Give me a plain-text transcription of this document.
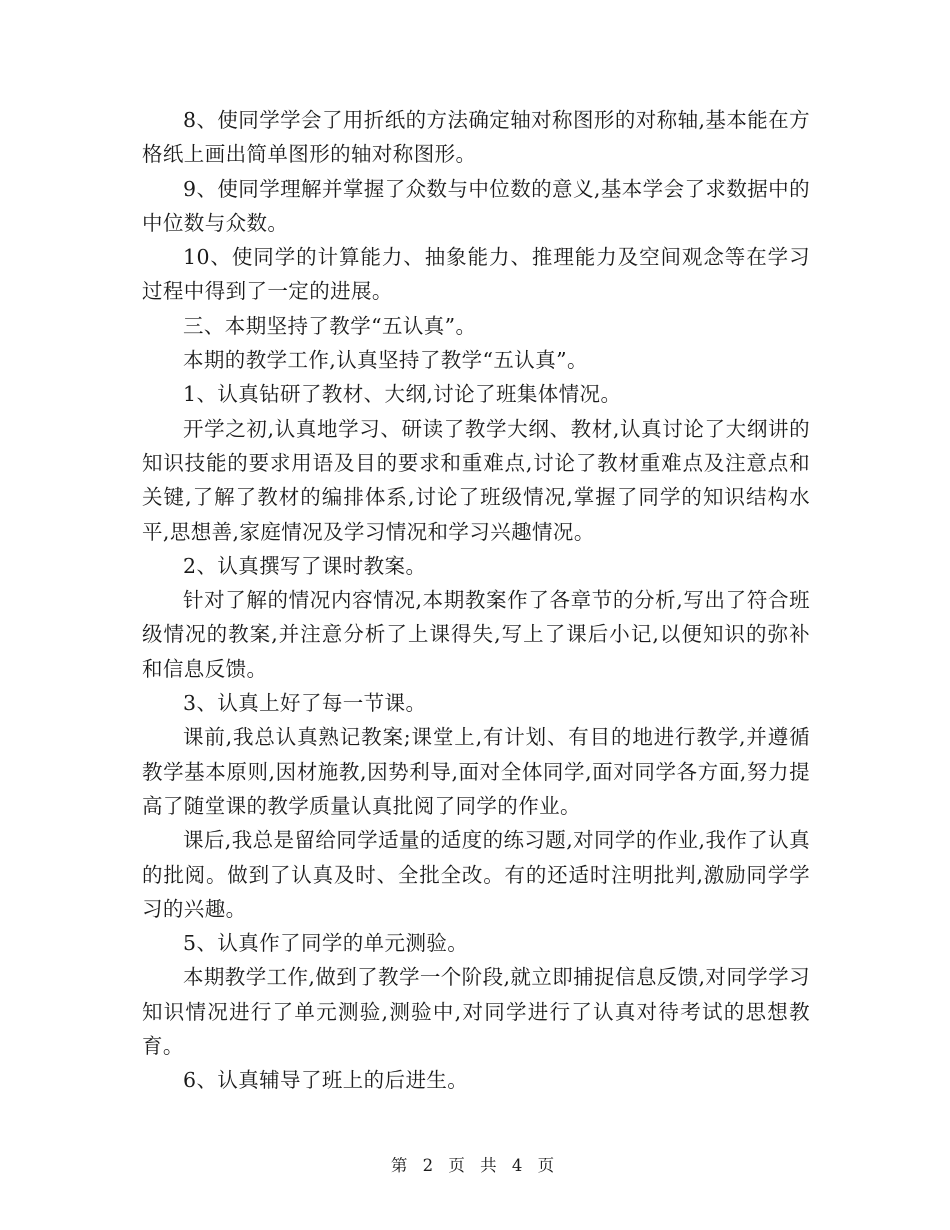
8、使同学学会了用折纸的方法确定轴对称图形的对称轴,基本能在方格纸上画出简单图形的轴对称图形。

9、使同学理解并掌握了众数与中位数的意义,基本学会了求数据中的中位数与众数。

10、使同学的计算能力、抽象能力、推理能力及空间观念等在学习过程中得到了一定的进展。

三、本期坚持了教学“五认真”。

本期的教学工作,认真坚持了教学“五认真”。

1、认真钻研了教材、大纲,讨论了班集体情况。

开学之初,认真地学习、研读了教学大纲、教材,认真讨论了大纲讲的知识技能的要求用语及目的要求和重难点,讨论了教材重难点及注意点和关键,了解了教材的编排体系,讨论了班级情况,掌握了同学的知识结构水平,思想善,家庭情况及学习情况和学习兴趣情况。

2、认真撰写了课时教案。

针对了解的情况内容情况,本期教案作了各章节的分析,写出了符合班级情况的教案,并注意分析了上课得失,写上了课后小记,以便知识的弥补和信息反馈。

3、认真上好了每一节课。

课前,我总认真熟记教案;课堂上,有计划、有目的地进行教学,并遵循教学基本原则,因材施教,因势利导,面对全体同学,面对同学各方面,努力提高了随堂课的教学质量认真批阅了同学的作业。

课后,我总是留给同学适量的适度的练习题,对同学的作业,我作了认真的批阅。做到了认真及时、全批全改。有的还适时注明批判,激励同学学习的兴趣。

5、认真作了同学的单元测验。

本期教学工作,做到了教学一个阶段,就立即捕捉信息反馈,对同学学习知识情况进行了单元测验,测验中,对同学进行了认真对待考试的思想教育。

6、认真辅导了班上的后进生。

第 2 页 共 4 页
